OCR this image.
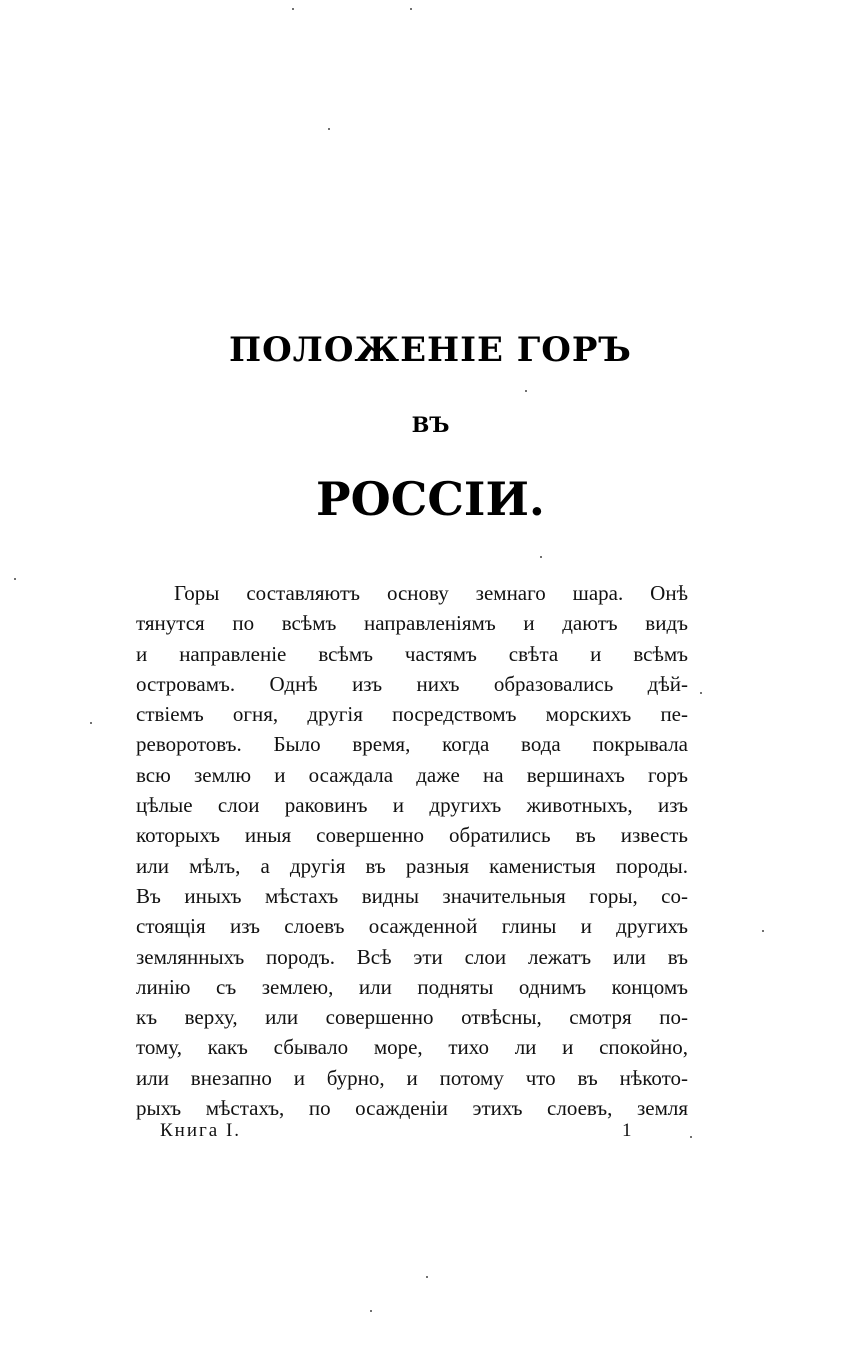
ПОЛОЖЕНІЕ ГОРЪ
ВЪ
РОССІИ.
Горы составляютъ основу земнаго шара. Онѣ
тянутся по всѣмъ направленіямъ и даютъ видъ
и направленіе всѣмъ частямъ свѣта и всѣмъ
островамъ. Однѣ изъ нихъ образовались дѣй-
ствіемъ огня, другія посредствомъ морскихъ пе-
реворотовъ. Было время, когда вода покрывала
всю землю и осаждала даже на вершинахъ горъ
цѣлые слои раковинъ и другихъ животныхъ, изъ
которыхъ иныя совершенно обратились въ известь
или мѣлъ, а другія въ разныя каменистыя породы.
Въ иныхъ мѣстахъ видны значительныя горы, со-
стоящія изъ слоевъ осажденной глины и другихъ
землянныхъ породъ. Всѣ эти слои лежатъ или въ
линію съ землею, или подняты однимъ концомъ
къ верху, или совершенно отвѣсны, смотря по-
тому, какъ сбывало море, тихо ли и спокойно,
или внезапно и бурно, и потому что въ нѣкото-
рыхъ мѣстахъ, по осажденіи этихъ слоевъ, земля
Книга I.	1
